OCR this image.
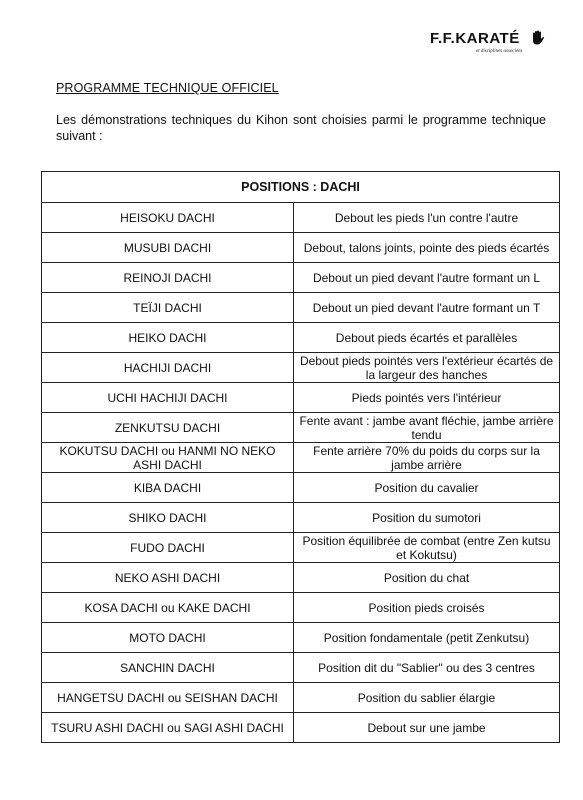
F.F.KARATÉ
et disciplines associées
PROGRAMME TECHNIQUE OFFICIEL
Les démonstrations techniques du Kihon sont choisies parmi le programme technique suivant :
POSITIONS : DACHI	
HEISOKU DACHI	Debout les pieds l'un contre l'autre
MUSUBI DACHI	Debout, talons joints, pointe des pieds écartés
REINOJI DACHI	Debout un pied devant l'autre formant un L
TEÏJI DACHI	Debout un pied devant l'autre formant un T
HEIKO DACHI	Debout pieds écartés et parallèles
HACHIJI DACHI	Debout pieds pointés vers l'extérieur écartés de la largeur des hanches
UCHI HACHIJI DACHI	Pieds pointés vers l'intérieur
ZENKUTSU DACHI	Fente avant : jambe avant fléchie, jambe arrière tendu
KOKUTSU DACHI ou HANMI NO NEKO ASHI DACHI	Fente arrière 70% du poids du corps sur la jambe arrière
KIBA DACHI	Position du cavalier
SHIKO DACHI	Position du sumotori
FUDO DACHI	Position équilibrée de combat (entre Zen kutsu et Kokutsu)
NEKO ASHI DACHI	Position du chat
KOSA DACHI ou KAKE DACHI	Position pieds croisés
MOTO DACHI	Position fondamentale (petit Zenkutsu)
SANCHIN DACHI	Position dit du "Sablier" ou des 3 centres
HANGETSU DACHI ou SEISHAN DACHI	Position du sablier élargie
TSURU ASHI DACHI ou SAGI ASHI DACHI	Debout sur une jambe
